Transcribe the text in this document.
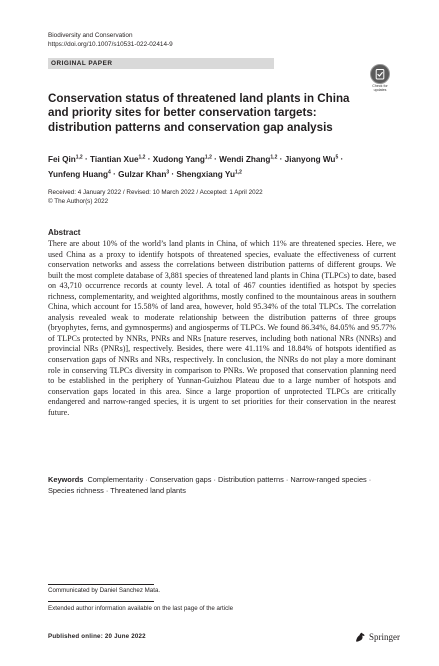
Biodiversity and Conservation
https://doi.org/10.1007/s10531-022-02414-9
ORIGINAL PAPER
Check for
updates
Conservation status of threatened land plants in China and priority sites for better conservation targets: distribution patterns and conservation gap analysis
Fei Qin$^{1,2}$ · Tiantian Xue$^{1,2}$ · Xudong Yang$^{1,2}$ · Wendi Zhang$^{1,2}$ · Jianyong $Wu^5$ · Yunfeng Huang$^4$ · Gulzar Khan$^3$ · Shengxiang Yu$^{1,2}$
Received: 4 January 2022 / Revised: 10 March 2022 / Accepted: 1 April 2022
© The Author(s) 2022
Abstract
There are about 10% of the world’s land plants in China, of which 11% are threatened species. Here, we used China as a proxy to identify hotspots of threatened species, evaluate the effectiveness of current conservation networks and assess the correlations between distribution patterns of different groups. We built the most complete database of 3,881 species of threatened land plants in China (TLPCs) to date, based on 43,710 occurrence records at county level. A total of 467 counties identified as hotspot by species richness, complementarity, and weighted algorithms, mostly confined to the mountainous areas in southern China, which account for 15.58% of land area, however, hold 95.34% of the total TLPCs. The correlation analysis revealed weak to moderate relationship between the distribution patterns of three groups (bryophytes, ferns, and gymnosperms) and angiosperms of TLPCs. We found 86.34%, 84.05% and 95.77% of TLPCs protected by NNRs, PNRs and NRs [nature reserves, including both national NRs (NNRs) and provincial NRs (PNRs)], respectively. Besides, there were 41.11% and 18.84% of hotspots identified as conservation gaps of NNRs and NRs, respectively. In conclusion, the NNRs do not play a more dominant role in conserving TLPCs diversity in comparison to PNRs. We proposed that conservation planning need to be established in the periphery of Yunnan-Guizhou Plateau due to a large number of hotspots and conservation gaps located in this area. Since a large proportion of unprotected TLPCs are critically endangered and narrow-ranged species, it is urgent to set priorities for their conservation in the nearest future.
Keywords Complementarity · Conservation gaps · Distribution patterns · Narrow-ranged species · Species richness · Threatened land plants
Communicated by Daniel Sanchez Mata.
Extended author information available on the last page of the article
Published online: 20 June 2022	Springer
